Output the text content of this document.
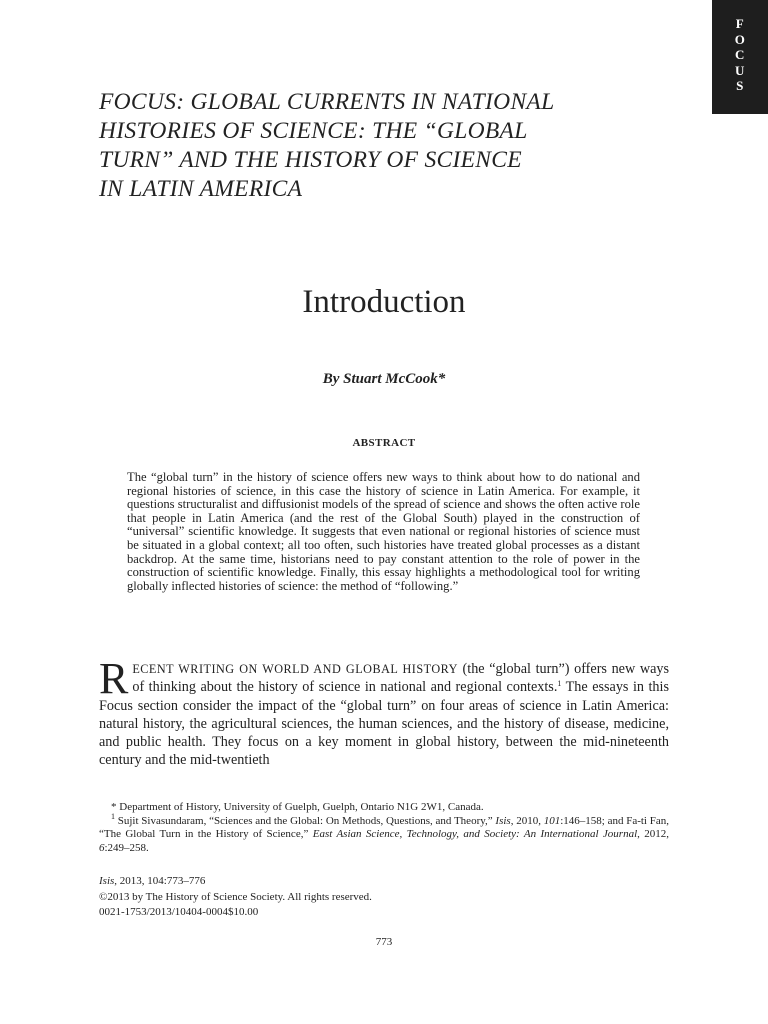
F
O
C
U
S
FOCUS: GLOBAL CURRENTS IN NATIONAL
HISTORIES OF SCIENCE: THE “GLOBAL
TURN” AND THE HISTORY OF SCIENCE
IN LATIN AMERICA
Introduction
By Stuart McCook*
ABSTRACT

The “global turn” in the history of science offers new ways to think about how to do national and regional histories of science, in this case the history of science in Latin America. For example, it questions structuralist and diffusionist models of the spread of science and shows the often active role that people in Latin America (and the rest of the Global South) played in the construction of “universal” scientific knowledge. It suggests that even national or regional histories of science must be situated in a global context; all too often, such histories have treated global processes as a distant backdrop. At the same time, historians need to pay constant attention to the role of power in the construction of scientific knowledge. Finally, this essay highlights a methodological tool for writing globally inflected histories of science: the method of “following.”

RECENT WRITING ON WORLD AND GLOBAL HISTORY (the “global turn”) offers new ways of thinking about the history of science in national and regional contexts.$^1$ The essays in this Focus section consider the impact of the “global turn” on four areas of science in Latin America: natural history, the agricultural sciences, the human sciences, and the history of disease, medicine, and public health. They focus on a key moment in global history, between the mid-nineteenth century and the mid-twentieth

* Department of History, University of Guelph, Guelph, Ontario N1G 2W1, Canada.

$^1$ Sujit Sivasundaram, “Sciences and the Global: On Methods, Questions, and Theory,” Isis, 2010, 101:146–158; and Fa-ti Fan, “The Global Turn in the History of Science,” East Asian Science, Technology, and Society: An International Journal, 2012, 6:249–258.

Isis, 2013, 104:773–776
©2013 by The History of Science Society. All rights reserved.
0021-1753/2013/10404-0004$10.00
773
